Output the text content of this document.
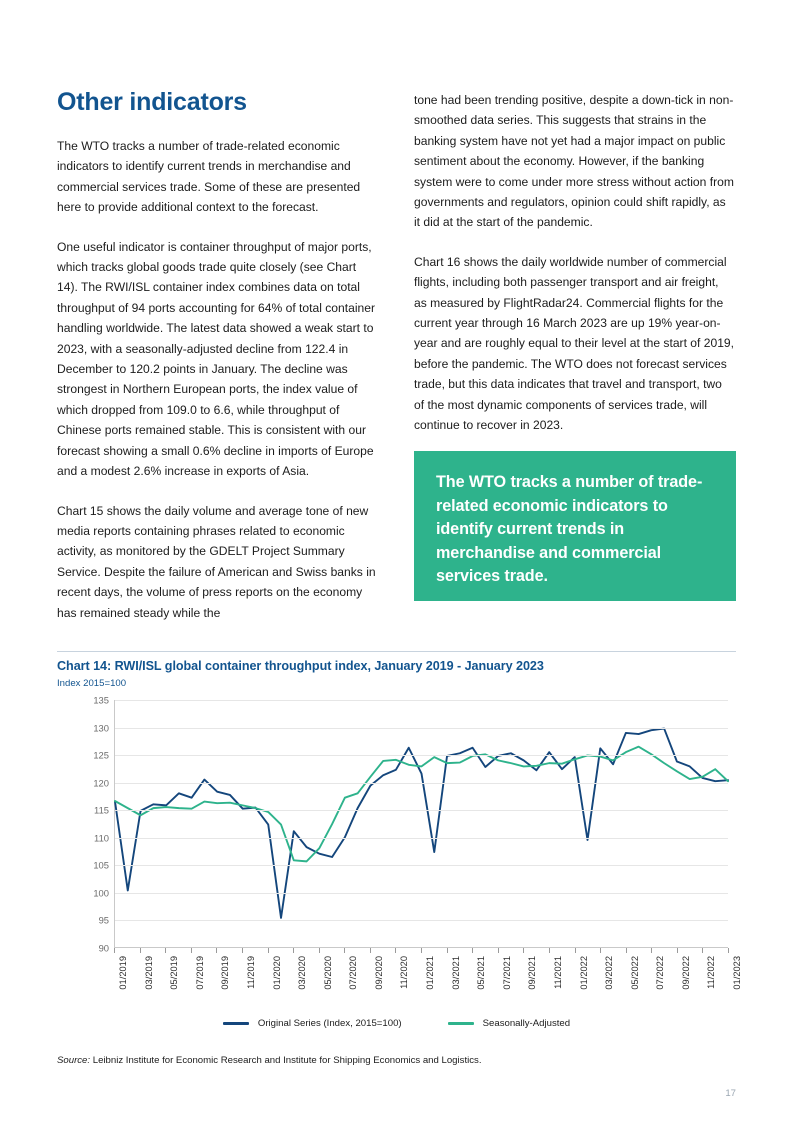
Other indicators

The WTO tracks a number of trade-related economic indicators to identify current trends in merchandise and commercial services trade. Some of these are presented here to provide additional context to the forecast.

One useful indicator is container throughput of major ports, which tracks global goods trade quite closely (see Chart 14). The RWI/ISL container index combines data on total throughput of 94 ports accounting for 64% of total container handling worldwide. The latest data showed a weak start to 2023, with a seasonally-adjusted decline from 122.4 in December to 120.2 points in January. The decline was strongest in Northern European ports, the index value of which dropped from 109.0 to 6.6, while throughput of Chinese ports remained stable. This is consistent with our forecast showing a small 0.6% decline in imports of Europe and a modest 2.6% increase in exports of Asia.

Chart 15 shows the daily volume and average tone of new media reports containing phrases related to economic activity, as monitored by the GDELT Project Summary Service. Despite the failure of American and Swiss banks in recent days, the volume of press reports on the economy has remained steady while the

tone had been trending positive, despite a down-tick in non-smoothed data series. This suggests that strains in the banking system have not yet had a major impact on public sentiment about the economy. However, if the banking system were to come under more stress without action from governments and regulators, opinion could shift rapidly, as it did at the start of the pandemic.

Chart 16 shows the daily worldwide number of commercial flights, including both passenger transport and air freight, as measured by FlightRadar24. Commercial flights for the current year through 16 March 2023 are up 19% year-on-year and are roughly equal to their level at the start of 2019, before the pandemic. The WTO does not forecast services trade, but this data indicates that travel and transport, two of the most dynamic components of services trade, will continue to recover in 2023.

The WTO tracks a number of trade-related economic indicators to identify current trends in merchandise and commercial services trade.
Chart 14: RWI/ISL global container throughput index, January 2019 - January 2023
Index 2015=100
135
130
125
120
115
110
105
100
95
90
01/2019 03/2019 05/2019 07/2019 09/2019 11/2019 01/2020 03/2020 05/2020 07/2020 09/2020 11/2020 01/2021 03/2021 05/2021 07/2021 09/2021 11/2021 01/2022 03/2022 05/2022 07/2022 09/2022 11/2022 01/2023
Original Series (Index, 2015=100)	Seasonally-Adjusted
Source: Leibniz Institute for Economic Research and Institute for Shipping Economics and Logistics.
17
